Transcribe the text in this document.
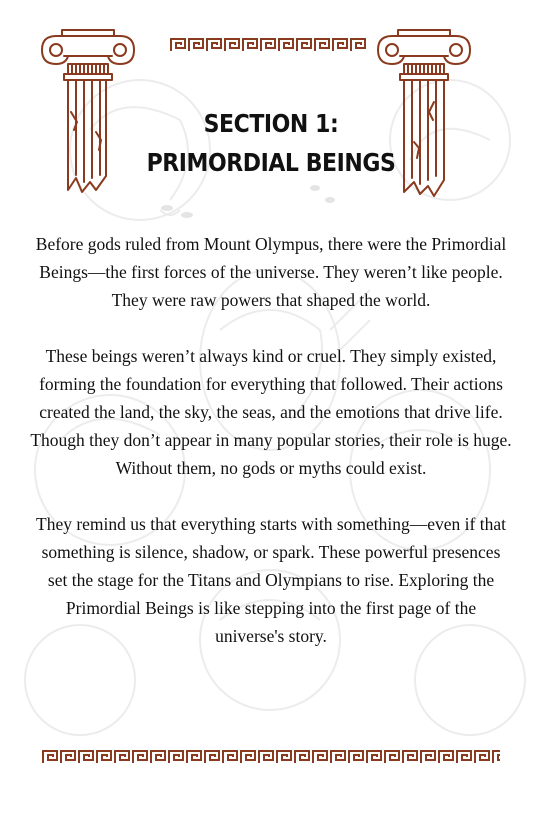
SECTION 1:
PRIMORDIAL BEINGS

Before gods ruled from Mount Olympus, there were the Primordial Beings—the first forces of the universe. They weren’t like people. They were raw powers that shaped the world.

These beings weren’t always kind or cruel. They simply existed, forming the foundation for everything that followed. Their actions created the land, the sky, the seas, and the emotions that drive life. Though they don’t appear in many popular stories, their role is huge. Without them, no gods or myths could exist.

They remind us that everything starts with something—even if that something is silence, shadow, or spark. These powerful presences set the stage for the Titans and Olympians to rise. Exploring the Primordial Beings is like stepping into the first page of the universe's story.
